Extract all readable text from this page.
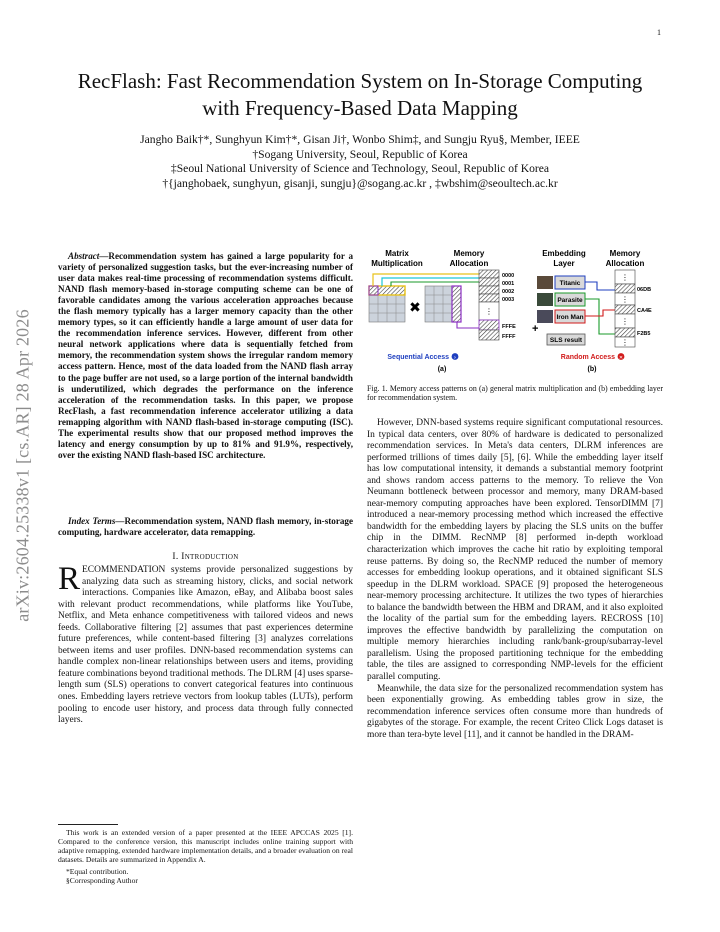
1
arXiv:2604.25338v1 [cs.AR] 28 Apr 2026
RecFlash: Fast Recommendation System on In-Storage Computing
with Frequency-Based Data Mapping
Jangho Baik†*, Sunghyun Kim†*, Gisan Ji†, Wonbo Shim‡, and Sungju Ryu§, Member, IEEE
†Sogang University, Seoul, Republic of Korea
‡Seoul National University of Science and Technology, Seoul, Republic of Korea
†{janghobaek, sunghyun, gisanji, sungju}@sogang.ac.kr , ‡wbshim@seoultech.ac.kr
Abstract—Recommendation system has gained a large popularity for a variety of personalized suggestion tasks, but the ever-increasing number of user data makes real-time processing of recommendation systems difficult. NAND flash memory-based in-storage computing scheme can be one of favorable candidates among the various acceleration approaches because the flash memory typically has a larger memory capacity than the other memory types, so it can efficiently handle a large amount of user data for the recommendation inference services. However, different from other neural network applications where data is sequentially fetched from memory, the recommendation system shows the irregular random memory access pattern. Hence, most of the data loaded from the NAND flash array to the page buffer are not used, so a large portion of the internal bandwidth is underutilized, which degrades the performance on the inference acceleration of the recommendation tasks. In this paper, we propose RecFlash, a fast recommendation inference accelerator utilizing a data remapping algorithm with NAND flash-based in-storage computing (ISC). The experimental results show that our proposed method improves the latency and energy consumption by up to 81% and 91.9%, respectively, over the existing NAND flash-based ISC architecture.
Index Terms—Recommendation system, NAND flash memory, in-storage computing, hardware accelerator, data remapping.
I. Introduction
RECOMMENDATION systems provide personalized suggestions by analyzing data such as streaming history, clicks, and social network interactions. Companies like Amazon, eBay, and Alibaba boost sales with relevant product recommendations, while platforms like YouTube, Netflix, and Meta enhance competitiveness with tailored videos and news feeds. Collaborative filtering [2] assumes that past experiences determine future preferences, while content-based filtering [3] analyzes correlations between items and user profiles. DNN-based recommendation systems can handle complex non-linear relationships between users and items, providing feature combinations beyond traditional methods. The DLRM [4] uses sparse-length sum (SLS) operations to convert categorical features into continuous ones. Embedding layers retrieve vectors from lookup tables (LUTs), perform pooling to encode user history, and process data through fully connected layers.

This work is an extended version of a paper presented at the IEEE APCCAS 2025 [1]. Compared to the conference version, this manuscript includes online training support with adaptive remapping, extended hardware implementation details, and a broader evaluation on real datasets. Details are summarized in Appendix A.

*Equal contribution.

§Corresponding Author

Matrix
Multiplication
Memory
Allocation
✖	⋮
0000
0001
0002
0003
FFFE
FFFF
Sequential Access ›
(a)
Embedding
Layer
Memory
Allocation
Titanic
Parasite
Iron Man
+
SLS result
⋮
⋮
⋮
⋮
06DB
CA4E
F2B5
Random Access ✕
(b)
Fig. 1. Memory access patterns on (a) general matrix multiplication and (b) embedding layer for recommendation system.

However, DNN-based systems require significant computational resources. In typical data centers, over 80% of hardware is dedicated to personalized recommendation services. In Meta's data centers, DLRM inferences are performed trillions of times daily [5], [6]. While the embedding layer itself has low computational intensity, it demands a substantial memory footprint and shows random access patterns to the memory. To relieve the Von Neumann bottleneck between processor and memory, many DRAM-based near-memory computing approaches have been explored. TensorDIMM [7] introduced a near-memory processing method which increased the effective bandwidth for the embedding layers by placing the SLS units on the buffer chip in the DIMM. RecNMP [8] performed in-depth workload characterization which improves the cache hit ratio by exploiting temporal reuse patterns. By doing so, the RecNMP reduced the number of memory accesses for embedding lookup operations, and it obtained significant SLS speedup in the DLRM workload. SPACE [9] proposed the heterogeneous near-memory processing architecture. It utilizes the two types of hierarchies to balance the bandwidth between the HBM and DRAM, and it also exploited the locality of the partial sum for the embedding layers. RECROSS [10] improves the effective bandwidth by parallelizing the computation on multiple memory hierarchies including rank/bank-group/subarray-level parallelism. Using the proposed partitioning technique for the embedding table, the tiles are assigned to corresponding NMP-levels for the efficient parallel computing.

Meanwhile, the data size for the personalized recommendation system has been exponentially growing. As embedding tables grow in size, the recommendation inference services often consume more than hundreds of gigabytes of the storage. For example, the recent Criteo Click Logs dataset is more than tera-byte level [11], and it cannot be handled in the DRAM-
